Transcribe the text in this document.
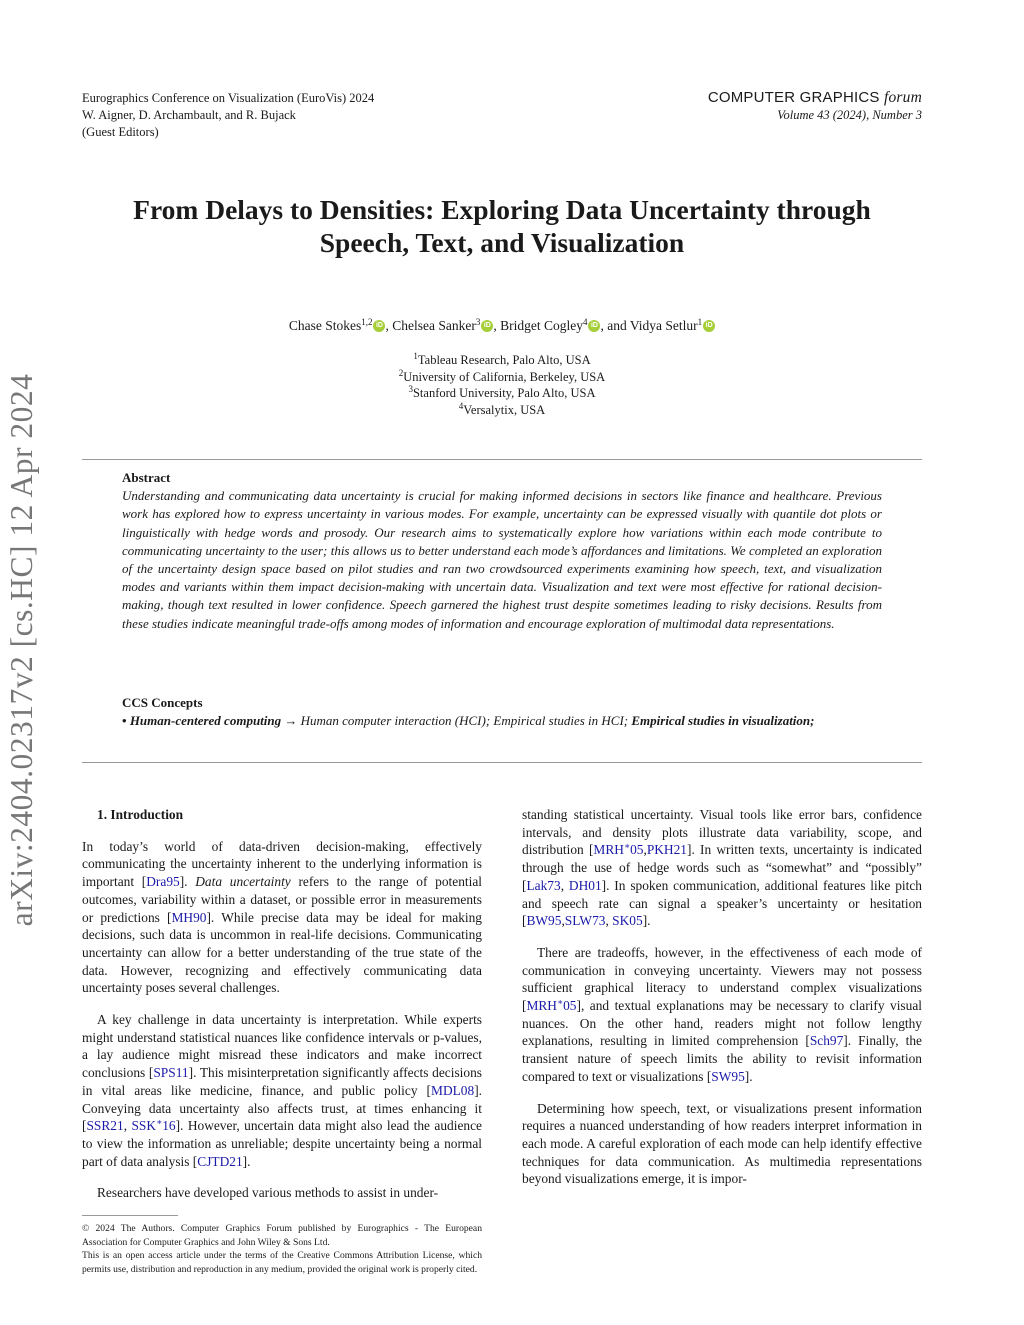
Eurographics Conference on Visualization (EuroVis) 2024
W. Aigner, D. Archambault, and R. Bujack
(Guest Editors)
COMPUTER GRAPHICS forum
Volume 43 (2024), Number 3
arXiv:2404.02317v2 [cs.HC] 12 Apr 2024
From Delays to Densities: Exploring Data Uncertainty through
Speech, Text, and Visualization
Chase Stokes$^{1,2}$ iD , Chelsea Sanker$^3$ iD , Bridget Cogley$^4$ iD , and Vidya Setlur$^1$ iD
$^1$Tableau Research, Palo Alto, USA
$^2$University of California, Berkeley, USA
$^3$Stanford University, Palo Alto, USA
$^4$Versalytix, USA
Abstract
Understanding and communicating data uncertainty is crucial for making informed decisions in sectors like finance and healthcare. Previous work has explored how to express uncertainty in various modes. For example, uncertainty can be expressed visually with quantile dot plots or linguistically with hedge words and prosody. Our research aims to systematically explore how variations within each mode contribute to communicating uncertainty to the user; this allows us to better understand each mode’s affordances and limitations. We completed an exploration of the uncertainty design space based on pilot studies and ran two crowdsourced experiments examining how speech, text, and visualization modes and variants within them impact decision-making with uncertain data. Visualization and text were most effective for rational decision-making, though text resulted in lower confidence. Speech garnered the highest trust despite sometimes leading to risky decisions. Results from these studies indicate meaningful trade-offs among modes of information and encourage exploration of multimodal data representations.
CCS Concepts
• Human-centered computing → Human computer interaction (HCI); Empirical studies in HCI; Empirical studies in visualization;

1. Introduction

In today’s world of data-driven decision-making, effectively communicating the uncertainty inherent to the underlying information is important [Dra95]. Data uncertainty refers to the range of potential outcomes, variability within a dataset, or possible error in measurements or predictions [MH90]. While precise data may be ideal for making decisions, such data is uncommon in real-life decisions. Communicating uncertainty can allow for a better understanding of the true state of the data. However, recognizing and effectively communicating data uncertainty poses several challenges.

A key challenge in data uncertainty is interpretation. While experts might understand statistical nuances like confidence intervals or p-values, a lay audience might misread these indicators and make incorrect conclusions [SPS11]. This misinterpretation significantly affects decisions in vital areas like medicine, finance, and public policy [MDL08]. Conveying data uncertainty also affects trust, at times enhancing it [SSR21, SSK∗16]. However, uncertain data might also lead the audience to view the information as unreliable; despite uncertainty being a normal part of data analysis [CJTD21].

Researchers have developed various methods to assist in under-

standing statistical uncertainty. Visual tools like error bars, confidence intervals, and density plots illustrate data variability, scope, and distribution [MRH∗05,PKH21]. In written texts, uncertainty is indicated through the use of hedge words such as “somewhat” and “possibly” [Lak73, DH01]. In spoken communication, additional features like pitch and speech rate can signal a speaker’s uncertainty or hesitation [BW95,SLW73, SK05].

There are tradeoffs, however, in the effectiveness of each mode of communication in conveying uncertainty. Viewers may not possess sufficient graphical literacy to understand complex visualizations [MRH∗05], and textual explanations may be necessary to clarify visual nuances. On the other hand, readers might not follow lengthy explanations, resulting in limited comprehension [Sch97]. Finally, the transient nature of speech limits the ability to revisit information compared to text or visualizations [SW95].

Determining how speech, text, or visualizations present information requires a nuanced understanding of how readers interpret information in each mode. A careful exploration of each mode can help identify effective techniques for data communication. As multimedia representations beyond visualizations emerge, it is impor-

© 2024 The Authors. Computer Graphics Forum published by Eurographics - The European Association for Computer Graphics and John Wiley & Sons Ltd.
This is an open access article under the terms of the Creative Commons Attribution License, which permits use, distribution and reproduction in any medium, provided the original work is properly cited.
